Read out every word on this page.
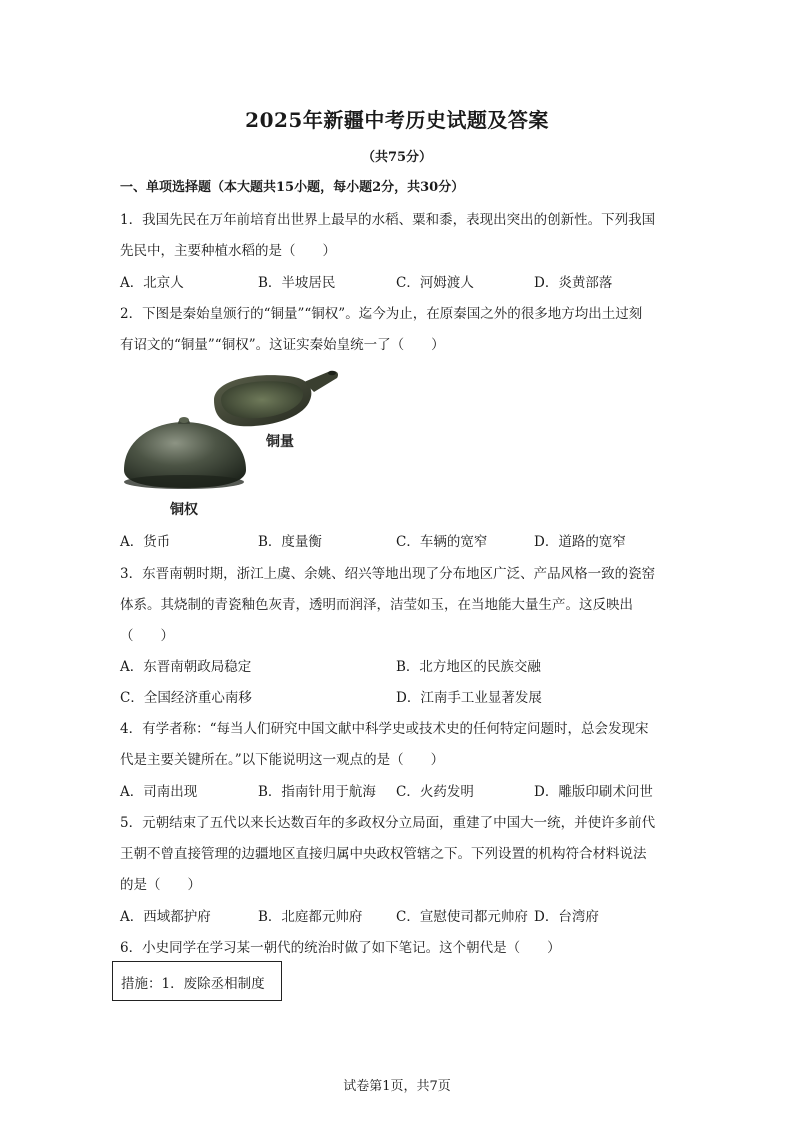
2025年新疆中考历史试题及答案
（共75分）
一、单项选择题（本大题共15小题，每小题2分，共30分）
1．我国先民在万年前培育出世界上最早的水稻、粟和黍，表现出突出的创新性。下列我国
先民中，主要种植水稻的是（　　）
A．北京人	B．半坡居民	C．河姆渡人	D．炎黄部落
2．下图是秦始皇颁行的“铜量”“铜权”。迄今为止，在原秦国之外的很多地方均出土过刻
有诏文的“铜量”“铜权”。这证实秦始皇统一了（　　）
铜量
铜权
A．货币	B．度量衡	C．车辆的宽窄	D．道路的宽窄
3．东晋南朝时期，浙江上虞、余姚、绍兴等地出现了分布地区广泛、产品风格一致的瓷窑
体系。其烧制的青瓷釉色灰青，透明而润泽，洁莹如玉，在当地能大量生产。这反映出
（　　）
A．东晋南朝政局稳定	B．北方地区的民族交融
C．全国经济重心南移	D．江南手工业显著发展
4．有学者称：“每当人们研究中国文献中科学史或技术史的任何特定问题时，总会发现宋
代是主要关键所在。”以下能说明这一观点的是（　　）
A．司南出现	B．指南针用于航海 C．火药发明	D．雕版印刷术问世
5．元朝结束了五代以来长达数百年的多政权分立局面，重建了中国大一统，并使许多前代
王朝不曾直接管理的边疆地区直接归属中央政权管辖之下。下列设置的机构符合材料说法
的是（　　）
A．西域都护府	B．北庭都元帅府 C．宣慰使司都元帅府 D．台湾府
6．小史同学在学习某一朝代的统治时做了如下笔记。这个朝代是（　　）
措施：1．废除丞相制度
试卷第1页，共7页
